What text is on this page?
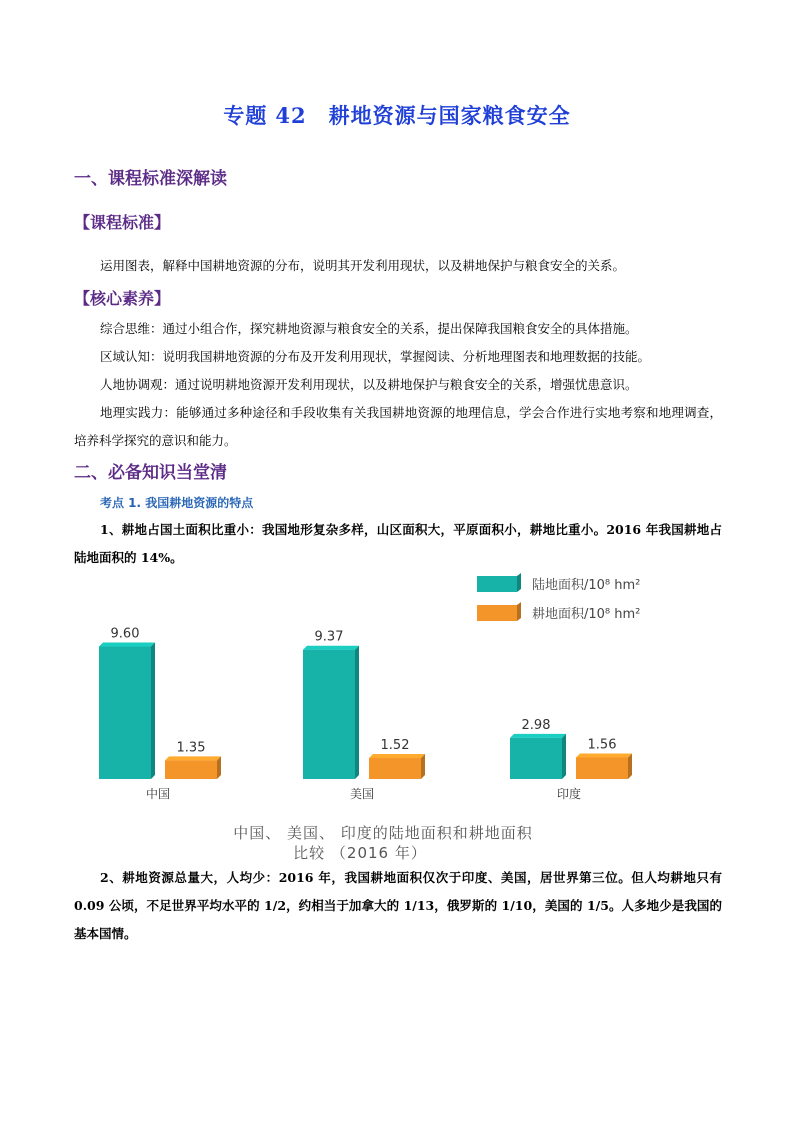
专题 42 耕地资源与国家粮食安全
一、课程标准深解读
【课程标准】

运用图表，解释中国耕地资源的分布，说明其开发利用现状，以及耕地保护与粮食安全的关系。

【核心素养】

综合思维：通过小组合作，探究耕地资源与粮食安全的关系，提出保障我国粮食安全的具体措施。

区域认知：说明我国耕地资源的分布及开发利用现状，掌握阅读、分析地理图表和地理数据的技能。

人地协调观：通过说明耕地资源开发利用现状，以及耕地保护与粮食安全的关系，增强忧患意识。

地理实践力：能够通过多种途径和手段收集有关我国耕地资源的地理信息，学会合作进行实地考察和地理调查，培养科学探究的意识和能力。

二、必备知识当堂清
考点 1. 我国耕地资源的特点

1、耕地占国土面积比重小：我国地形复杂多样，山区面积大，平原面积小，耕地比重小。2016 年我国耕地占陆地面积的 14%。

9.60
1.35
中国
9.37
1.52
美国
2.98
1.56
印度
陆地面积/10⁸ hm²
耕地面积/10⁸ hm²
中国、 美国、 印度的陆地面积和耕地面积
比较 （2016 年）

2、耕地资源总量大，人均少：2016 年，我国耕地面积仅次于印度、美国，居世界第三位。但人均耕地只有 0.09 公顷，不足世界平均水平的 1/2，约相当于加拿大的 1/13，俄罗斯的 1/10，美国的 1/5。人多地少是我国的基本国情。
